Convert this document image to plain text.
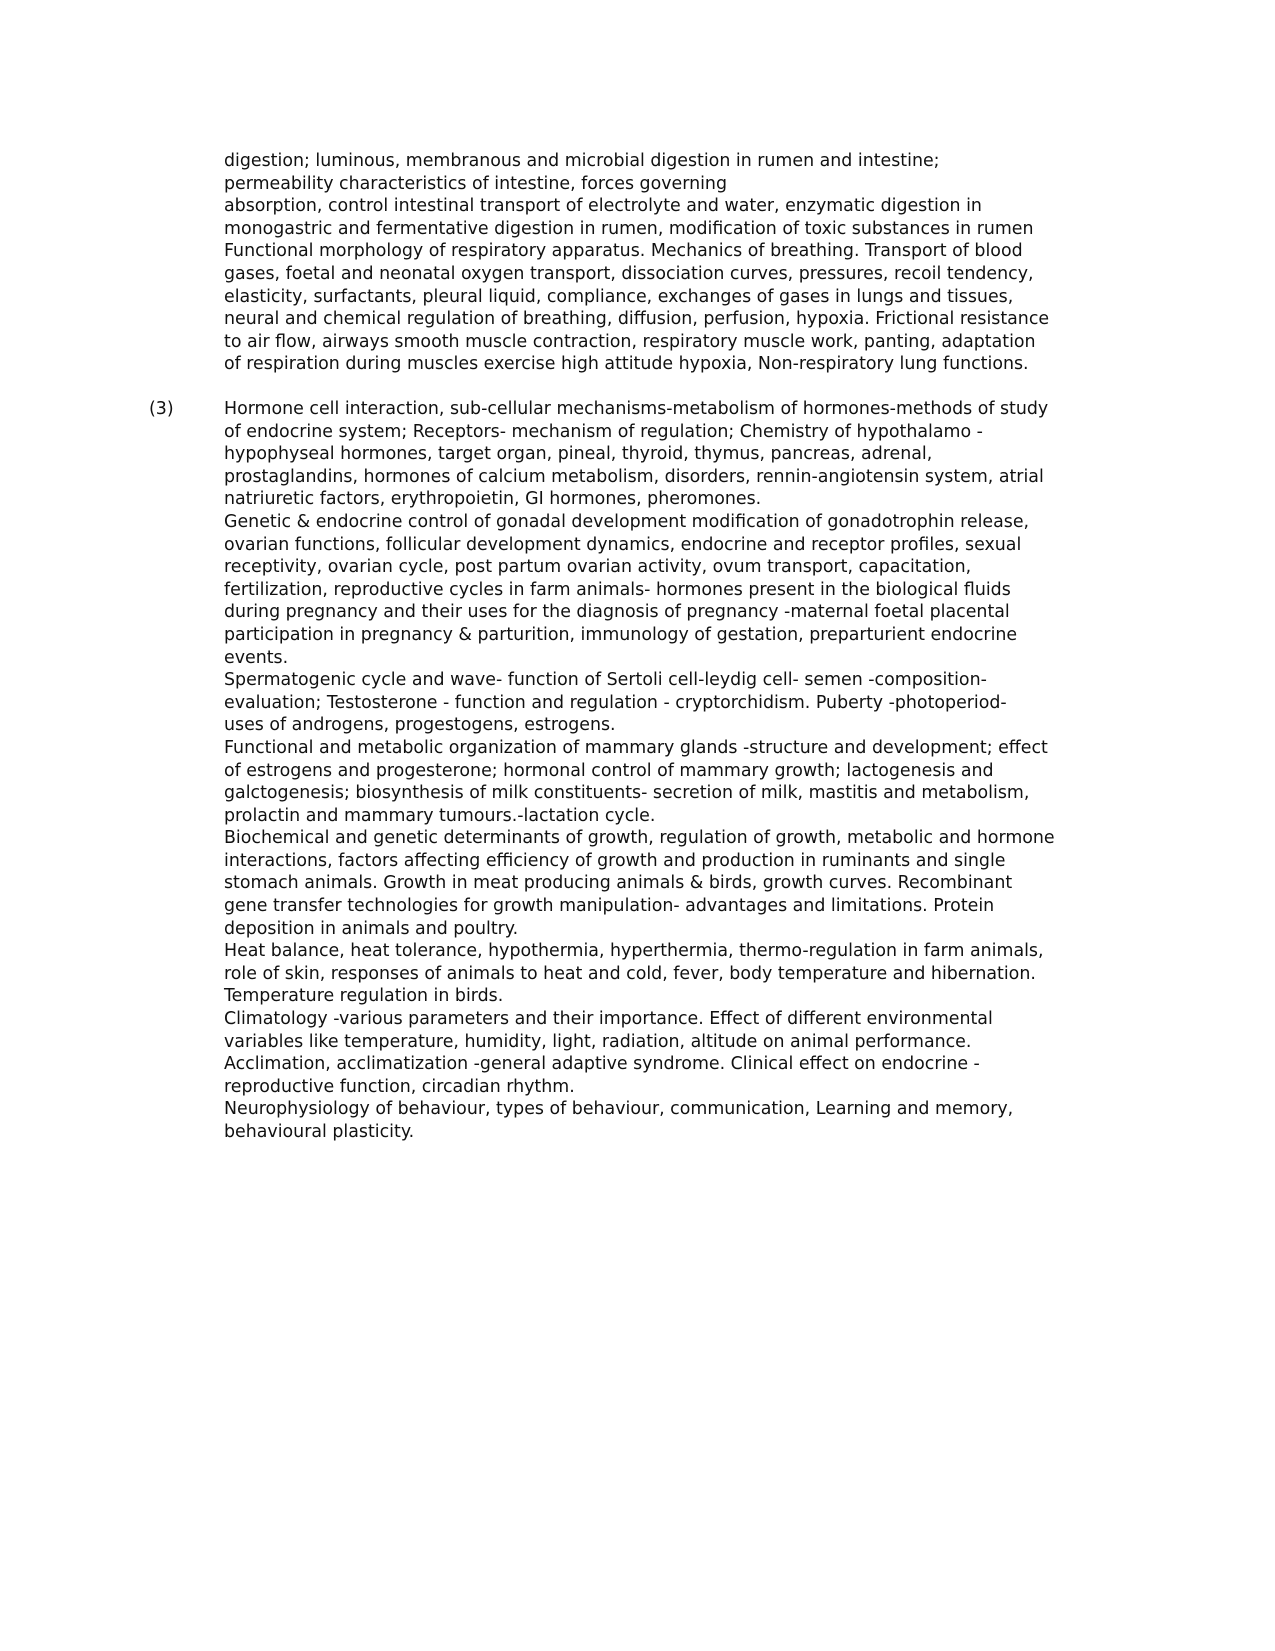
digestion; luminous, membranous and microbial digestion in rumen and intestine;
permeability characteristics of intestine, forces governing
absorption, control intestinal transport of electrolyte and water, enzymatic digestion in
monogastric and fermentative digestion in rumen, modification of toxic substances in rumen
Functional morphology of respiratory apparatus. Mechanics of breathing. Transport of blood
gases, foetal and neonatal oxygen transport, dissociation curves, pressures, recoil tendency,
elasticity, surfactants, pleural liquid, compliance, exchanges of gases in lungs and tissues,
neural and chemical regulation of breathing, diffusion, perfusion, hypoxia. Frictional resistance
to air flow, airways smooth muscle contraction, respiratory muscle work, panting, adaptation
of respiration during muscles exercise high attitude hypoxia, Non-respiratory lung functions.
(3)	Hormone cell interaction, sub-cellular mechanisms-metabolism of hormones-methods of study
of endocrine system; Receptors- mechanism of regulation; Chemistry of hypothalamo -
hypophyseal hormones, target organ, pineal, thyroid, thymus, pancreas, adrenal,
prostaglandins, hormones of calcium metabolism, disorders, rennin-angiotensin system, atrial
natriuretic factors, erythropoietin, GI hormones, pheromones.
Genetic & endocrine control of gonadal development modification of gonadotrophin release,
ovarian functions, follicular development dynamics, endocrine and receptor profiles, sexual
receptivity, ovarian cycle, post partum ovarian activity, ovum transport, capacitation,
fertilization, reproductive cycles in farm animals- hormones present in the biological fluids
during pregnancy and their uses for the diagnosis of pregnancy -maternal foetal placental
participation in pregnancy & parturition, immunology of gestation, preparturient endocrine
events.
Spermatogenic cycle and wave- function of Sertoli cell-leydig cell- semen -composition-
evaluation; Testosterone - function and regulation - cryptorchidism. Puberty -photoperiod-
uses of androgens, progestogens, estrogens.
Functional and metabolic organization of mammary glands -structure and development; effect
of estrogens and progesterone; hormonal control of mammary growth; lactogenesis and
galctogenesis; biosynthesis of milk constituents- secretion of milk, mastitis and metabolism,
prolactin and mammary tumours.-lactation cycle.
Biochemical and genetic determinants of growth, regulation of growth, metabolic and hormone
interactions, factors affecting efficiency of growth and production in ruminants and single
stomach animals. Growth in meat producing animals & birds, growth curves. Recombinant
gene transfer technologies for growth manipulation- advantages and limitations. Protein
deposition in animals and poultry.
Heat balance, heat tolerance, hypothermia, hyperthermia, thermo-regulation in farm animals,
role of skin, responses of animals to heat and cold, fever, body temperature and hibernation.
Temperature regulation in birds.
Climatology -various parameters and their importance. Effect of different environmental
variables like temperature, humidity, light, radiation, altitude on animal performance.
Acclimation, acclimatization -general adaptive syndrome. Clinical effect on endocrine -
reproductive function, circadian rhythm.
Neurophysiology of behaviour, types of behaviour, communication, Learning and memory,
behavioural plasticity.
